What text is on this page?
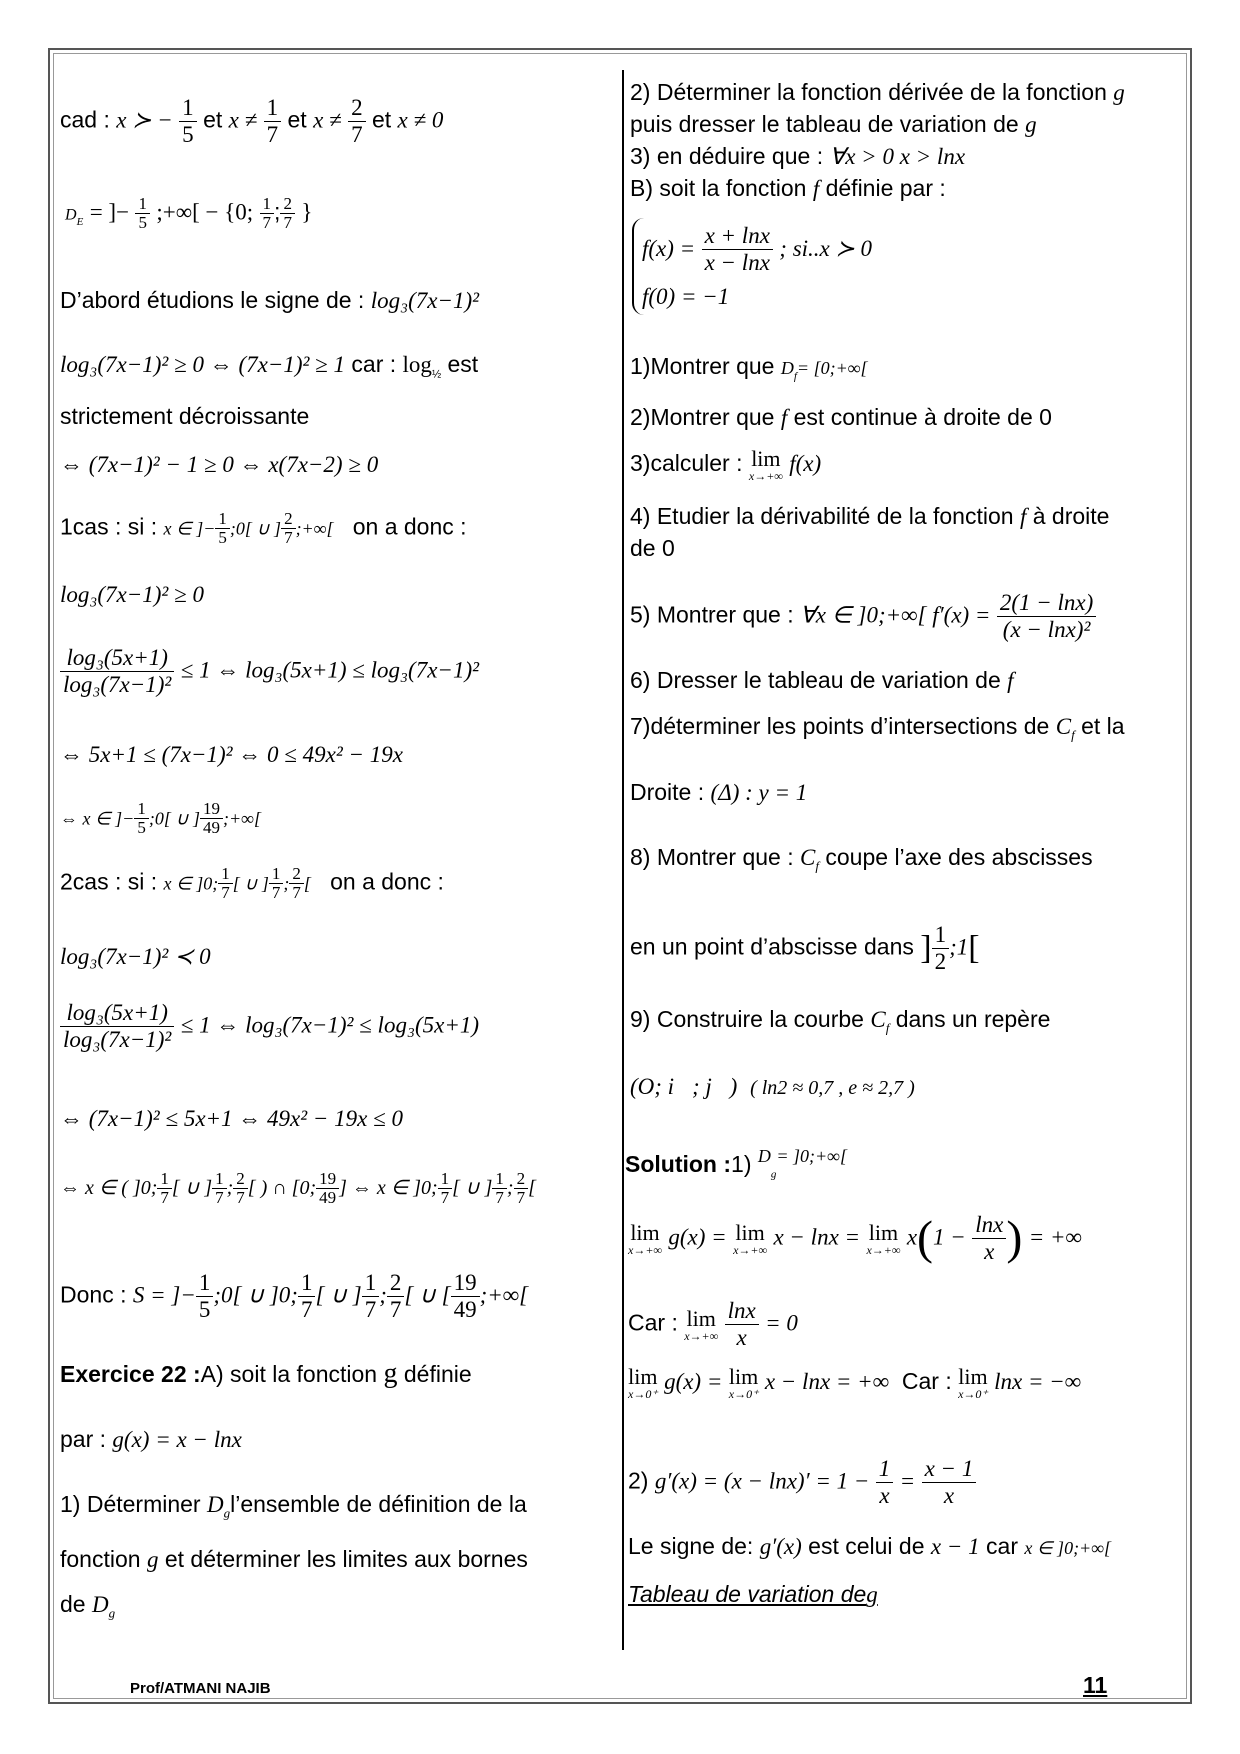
cad : x ≻ − $\frac{1}{5}$ et $x \ne \frac{1}{7}$ et $x \ne \frac{2}{7}$ et x ≠ 0
$D_E$ = ]− $\frac{1}{5}$ ;+∞[ − {0; $\frac{1}{7}$ ; $\frac{2}{7}$ }
D’abord étudions le signe de : log₃(7x−1)²
log₃(7x−1)² ≥ 0 ⇔ (7x−1)² ≥ 1 car : $\log_{\frac{1}{2}}$ est
strictement décroissante
⇔ (7x−1)² − 1 ≥ 0 ⇔ x(7x−2) ≥ 0
1cas : si : x ∈ ]− $\frac{1}{5}$ ;0[ ∪ ] $\frac{2}{7}$ ;+∞[ on a donc :
log₃(7x−1)² ≥ 0
$\frac{\text{log₃(5x+1)}}{\text{log₃(7x−1)²}} \le 1$ ⇔ log₃(5x+1) ≤ log₃(7x−1)²
⇔ 5x+1 ≤ (7x−1)² ⇔ 0 ≤ 49x² − 19x
⇔ x ∈ ]− $\frac{1}{5}$ ;0[ ∪ ] $\frac{19}{49}$ ;+∞[
2cas : si : x ∈ ]0; $\frac{1}{7}$ [ ∪ ] $\frac{1}{7}$ ; $\frac{2}{7}$ [ on a donc :
log₃(7x−1)² ≺ 0
$\frac{\text{log₃(5x+1)}}{\text{log₃(7x−1)²}} \le 1$ ⇔ log₃(7x−1)² ≤ log₃(5x+1)
⇔ (7x−1)² ≤ 5x+1 ⇔ 49x² − 19x ≤ 0
⇔ x ∈ ( ]0; $\frac{1}{7}$ [ ∪ ] $\frac{1}{7}$ ; $\frac{2}{7}$ [ ) ∩ [0; $\frac{19}{49}$ ] ⇔ x ∈ ]0; $\frac{1}{7}$ [ ∪ ] $\frac{1}{7}$ ; $\frac{2}{7}$ [
Donc : S = ]− $\frac{1}{5}$ ;0[ ∪ ]0; $\frac{1}{7}$ [ ∪ ] $\frac{1}{7}$ ; $\frac{2}{7}$ [ ∪ [ $\frac{19}{49}$ ;+∞[
Exercice 22 :A) soit la fonction g définie
par : g(x) = x − lnx
1) Déterminer $D_gl’ensemble$ de définition de la
fonction g et déterminer les limites aux bornes
de $D_g$
2) Déterminer la fonction dérivée de la fonction g
puis dresser le tableau de variation de g
3) en déduire que : ∀x > 0 x > lnx
B) soit la fonction f définie par :
$f(x) = \frac{x + \ln x}{x - \ln x}$ ; si..x ≻ 0
f(0) = −1
1)Montrer que $D_f=$ [0;+∞[
2)Montrer que f est continue à droite de 0
3)calculer : lim
x→+∞ f(x)
4) Etudier la dérivabilité de la fonction f à droite
de 0
5) Montrer que : ∀x ∈ ]0;+∞[ $f'(x) = \frac{2(1 - \ln x)}{\text{(x − lnx)²}}$
6) Dresser le tableau de variation de f
7)déterminer les points d’intersections de $C_f$ et la
Droite : (Δ) : y = 1
8) Montrer que : $C_f$ coupe l’axe des abscisses
en un point d’abscisse dans ] $\frac{1}{2}$ ;1[
9) Construire la courbe $C_f$ dans un repère
(O; i⃗; j⃗) ( ln2 ≈ 0,7 , e ≈ 2,7 )
Solution :1) $^D_g^{= ]0;+\infty[}$
lim
x→+∞ g(x) = lim
x→+∞ x − lnx = lim
x→+∞ $x(1 - \frac{\ln x}{x}$ ) = +∞
Car : lim
x→+∞
$\frac{\ln x}{x} = 0$
lim
x→0⁺ g(x) = lim
x→0⁺ x − lnx = +∞ Car : lim
x→0⁺ lnx = −∞
2) $g'(x) = (x - \ln x)' = 1 - \frac{1}{x} = \frac{x - 1}{x}$
Le signe de: g′(x) est celui de x − 1 car x ∈ ]0;+∞[
Tableau de variation deg
Prof/ATMANI NAJIB	11
